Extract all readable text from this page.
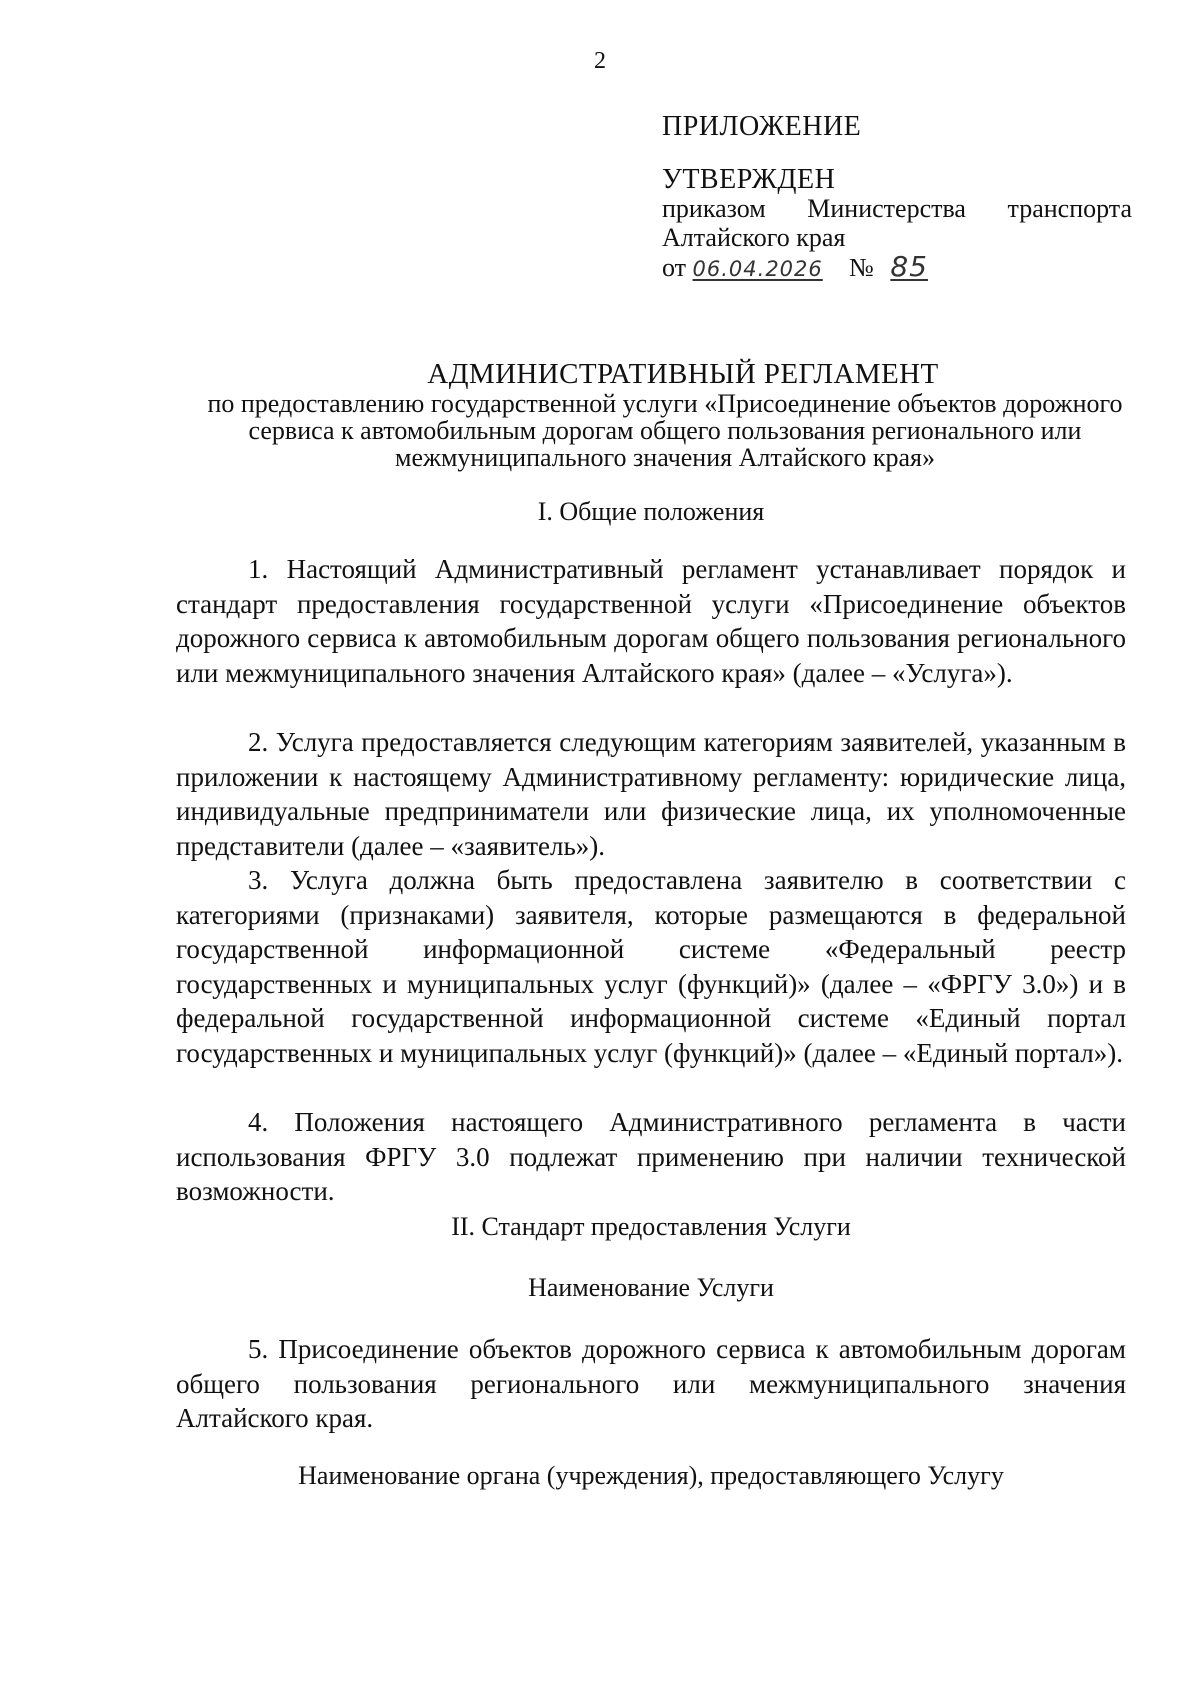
2
ПРИЛОЖЕНИЕ
УТВЕРЖДЕН
приказом Министерства транспорта
Алтайского края
от 06.04.2026 № 85
АДМИНИСТРАТИВНЫЙ РЕГЛАМЕНТ
по предоставлению государственной услуги «Присоединение объектов дорожного сервиса к автомобильным дорогам общего пользования регионального или межмуниципального значения Алтайского края»
I. Общие положения
1. Настоящий Административный регламент устанавливает порядок и стандарт предоставления государственной услуги «Присоединение объектов дорожного сервиса к автомобильным дорогам общего пользования регионального или межмуниципального значения Алтайского края» (далее – «Услуга»).
2. Услуга предоставляется следующим категориям заявителей, указанным в приложении к настоящему Административному регламенту: юридические лица, индивидуальные предприниматели или физические лица, их уполномоченные представители (далее – «заявитель»).
3. Услуга должна быть предоставлена заявителю в соответствии с категориями (признаками) заявителя, которые размещаются в федеральной государственной информационной системе «Федеральный реестр государственных и муниципальных услуг (функций)» (далее – «ФРГУ 3.0») и в федеральной государственной информационной системе «Единый портал государственных и муниципальных услуг (функций)» (далее – «Единый портал»).
4. Положения настоящего Административного регламента в части использования ФРГУ 3.0 подлежат применению при наличии технической возможности.
II. Стандарт предоставления Услуги
Наименование Услуги
5. Присоединение объектов дорожного сервиса к автомобильным дорогам общего пользования регионального или межмуниципального значения Алтайского края.
Наименование органа (учреждения), предоставляющего Услугу
